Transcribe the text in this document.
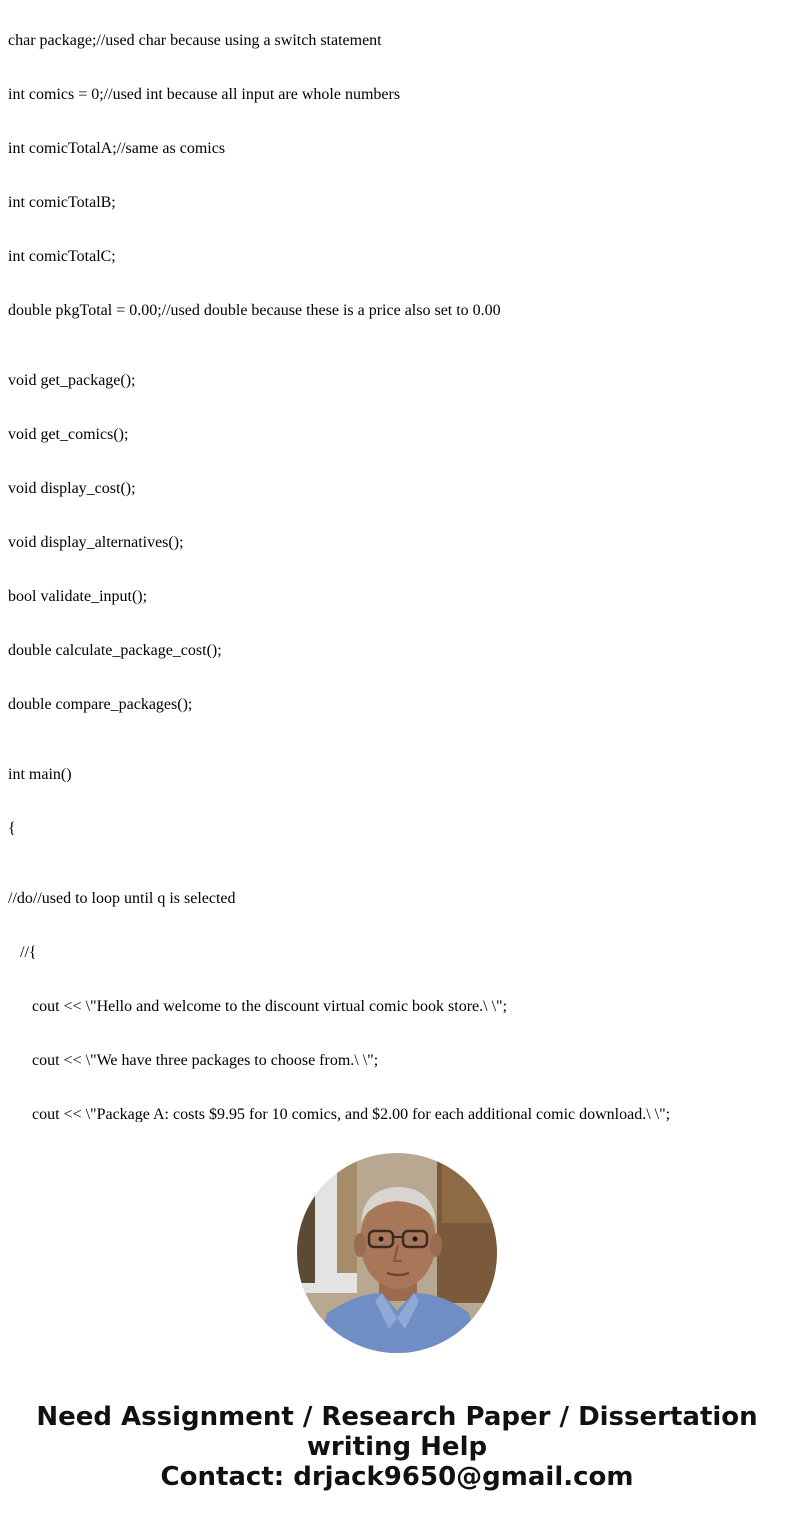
char package;//used char because using a switch statement

int comics = 0;//used int because all input are whole numbers

int comicTotalA;//same as comics

int comicTotalB;

int comicTotalC;

double pkgTotal = 0.00;//used double because these is a price also set to 0.00

void get_package();

void get_comics();

void display_cost();

void display_alternatives();

bool validate_input();

double calculate_package_cost();

double compare_packages();

int main()

{

//do//used to loop until q is selected

//{

cout << \"Hello and welcome to the discount virtual comic book store.\ \";

cout << \"We have three packages to choose from.\ \";

cout << \"Package A: costs $9.95 for 10 comics, and $2.00 for each additional comic download.\ \";

Need Assignment / Research Paper / Dissertation
writing Help
Contact: drjack9650@gmail.com
